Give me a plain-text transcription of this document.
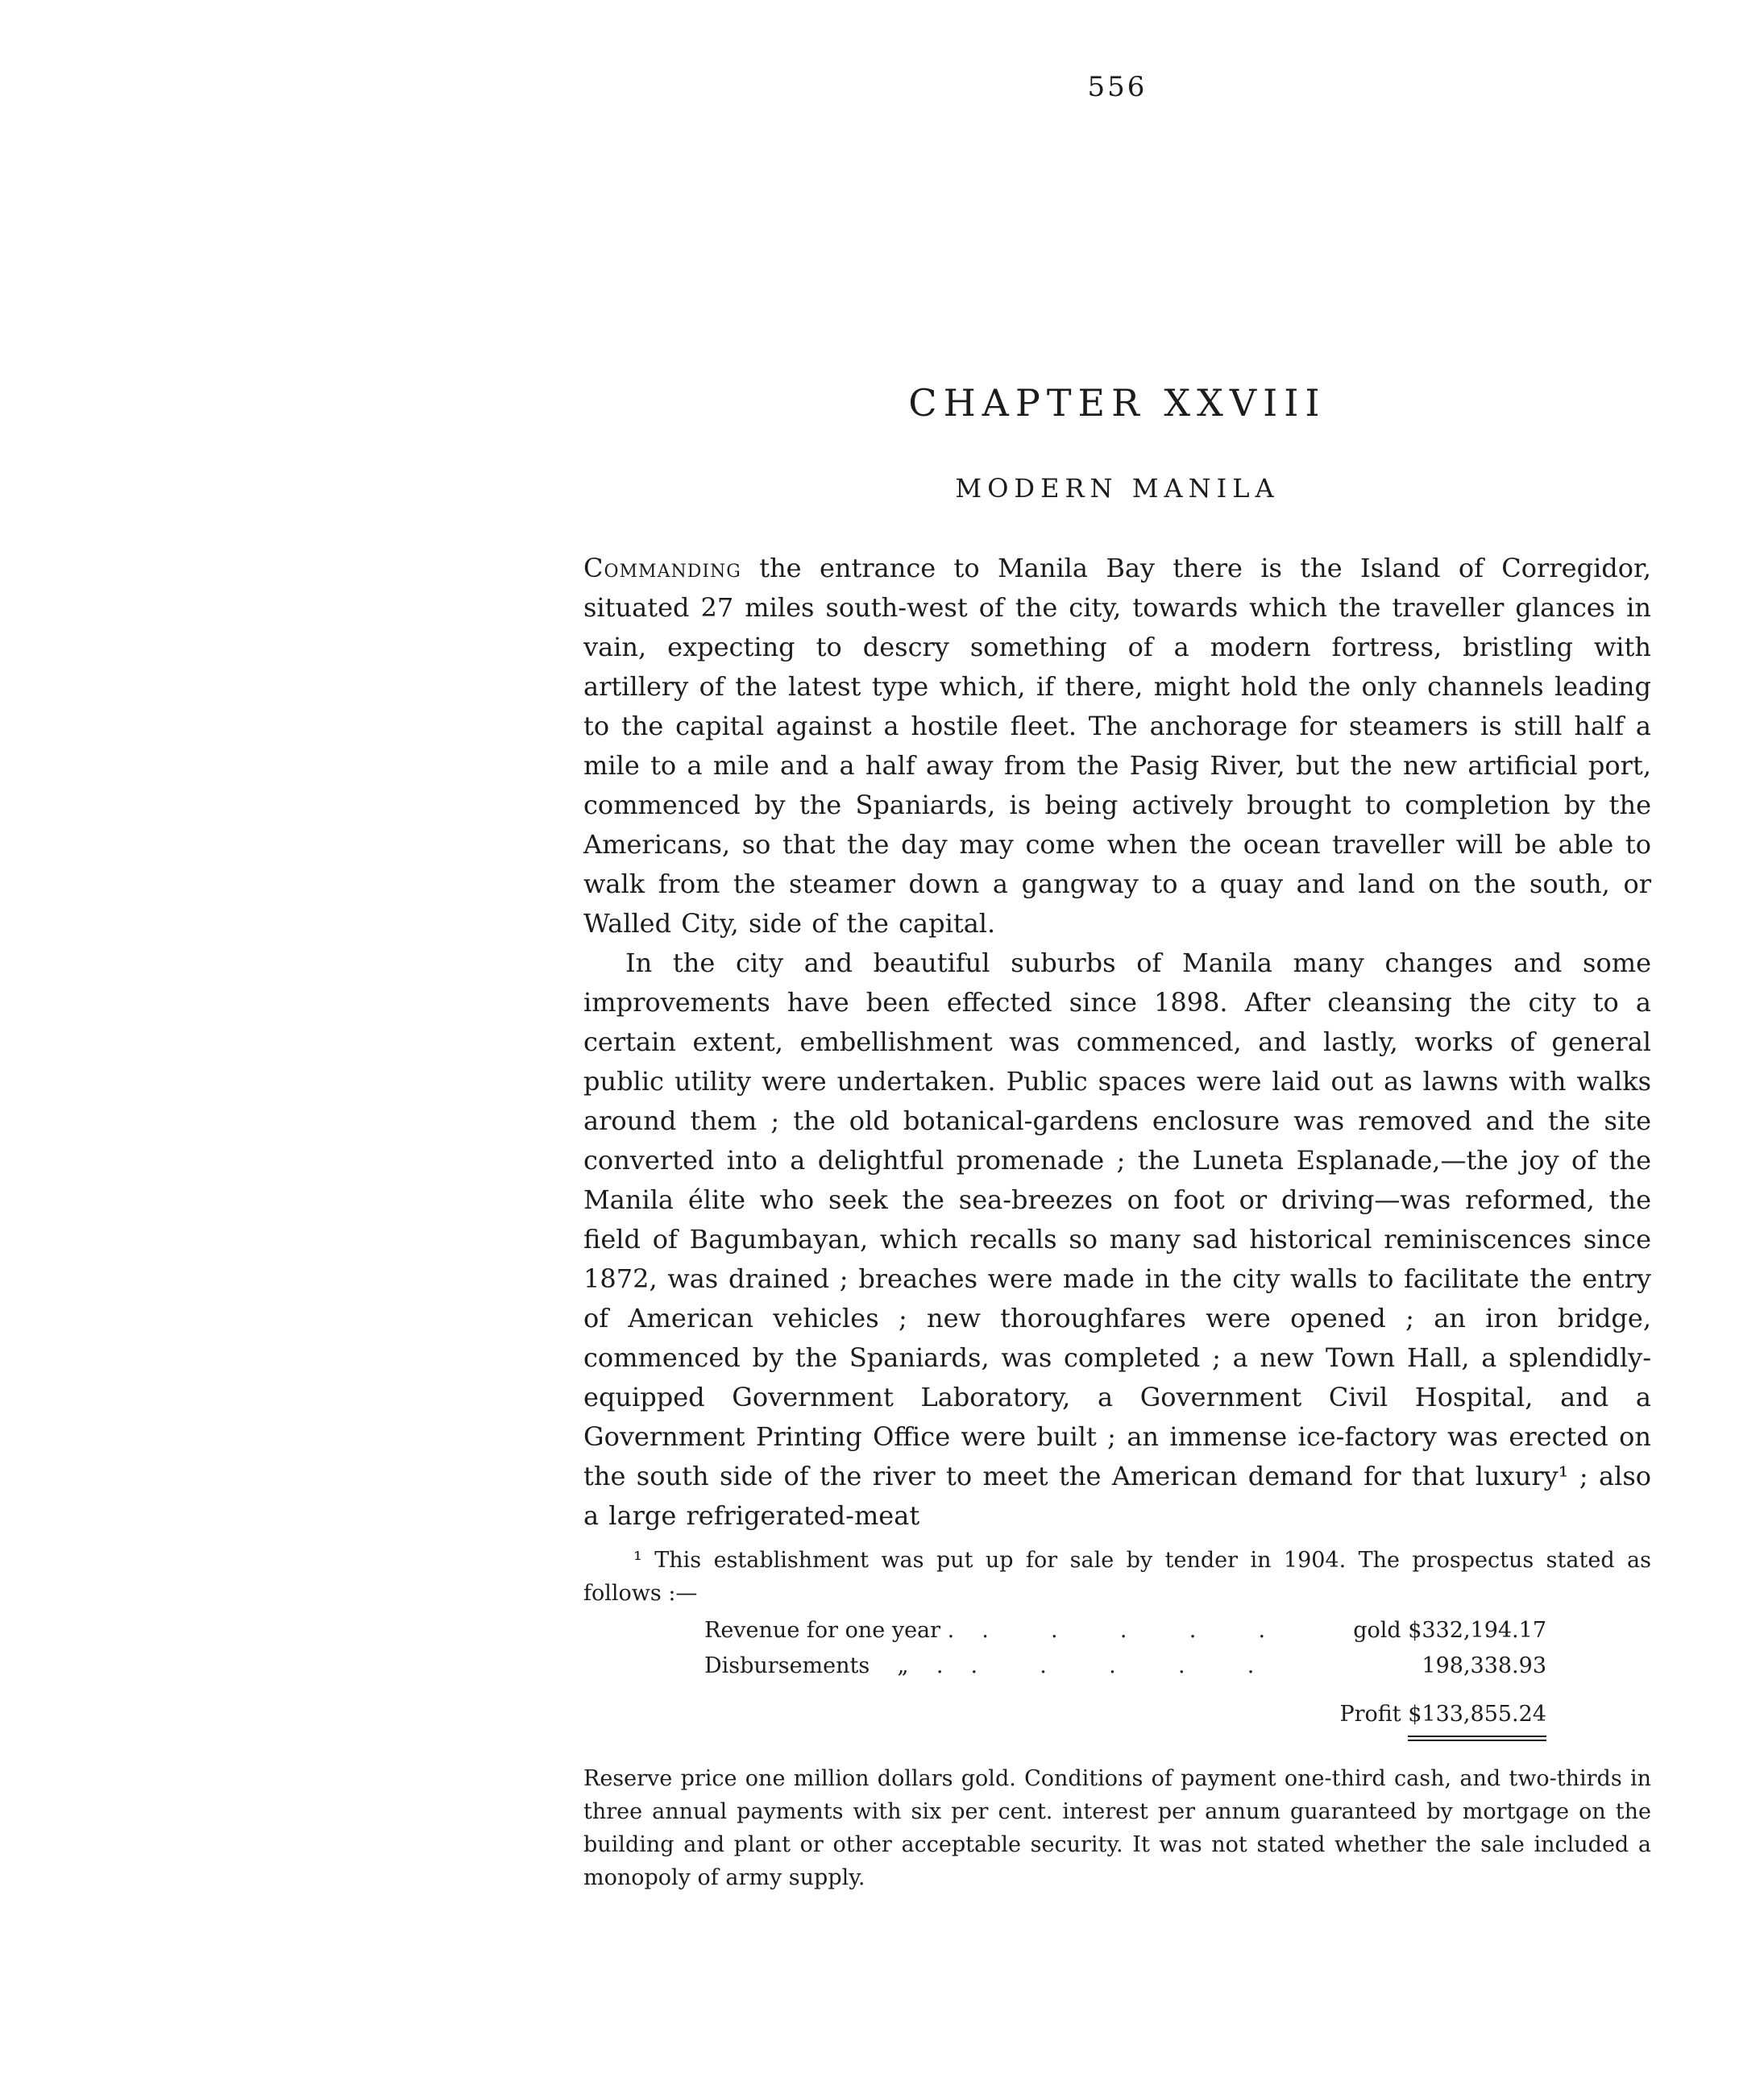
556
CHAPTER XXVIII
MODERN MANILA

Commanding the entrance to Manila Bay there is the Island of Corregidor, situated 27 miles south-west of the city, towards which the traveller glances in vain, expecting to descry something of a modern fortress, bristling with artillery of the latest type which, if there, might hold the only channels leading to the capital against a hostile fleet. The anchorage for steamers is still half a mile to a mile and a half away from the Pasig River, but the new artificial port, commenced by the Spaniards, is being actively brought to completion by the Americans, so that the day may come when the ocean traveller will be able to walk from the steamer down a gangway to a quay and land on the south, or Walled City, side of the capital.

In the city and beautiful suburbs of Manila many changes and some improvements have been effected since 1898. After cleansing the city to a certain extent, embellishment was commenced, and lastly, works of general public utility were undertaken. Public spaces were laid out as lawns with walks around them ; the old botanical-gardens enclosure was removed and the site converted into a delightful promenade ; the Luneta Esplanade,—the joy of the Manila élite who seek the sea-breezes on foot or driving—was reformed, the field of Bagumbayan, which recalls so many sad historical reminiscences since 1872, was drained ; breaches were made in the city walls to facilitate the entry of American vehicles ; new thoroughfares were opened ; an iron bridge, commenced by the Spaniards, was completed ; a new Town Hall, a splendidly-equipped Government Laboratory, a Government Civil Hospital, and a Government Printing Office were built ; an immense ice-factory was erected on the south side of the river to meet the American demand for that luxury¹ ; also a large refrigerated-meat

¹ This establishment was put up for sale by tender in 1904. The prospectus stated as follows :—

Revenue for one year . .         .         .         .         .	gold $332,194.17
Disbursements    „    . .         .         .         .         .	198,338.93
Profit $133,855.24

Reserve price one million dollars gold. Conditions of payment one-third cash, and two-thirds in three annual payments with six per cent. interest per annum guaranteed by mortgage on the building and plant or other acceptable security. It was not stated whether the sale included a monopoly of army supply.
